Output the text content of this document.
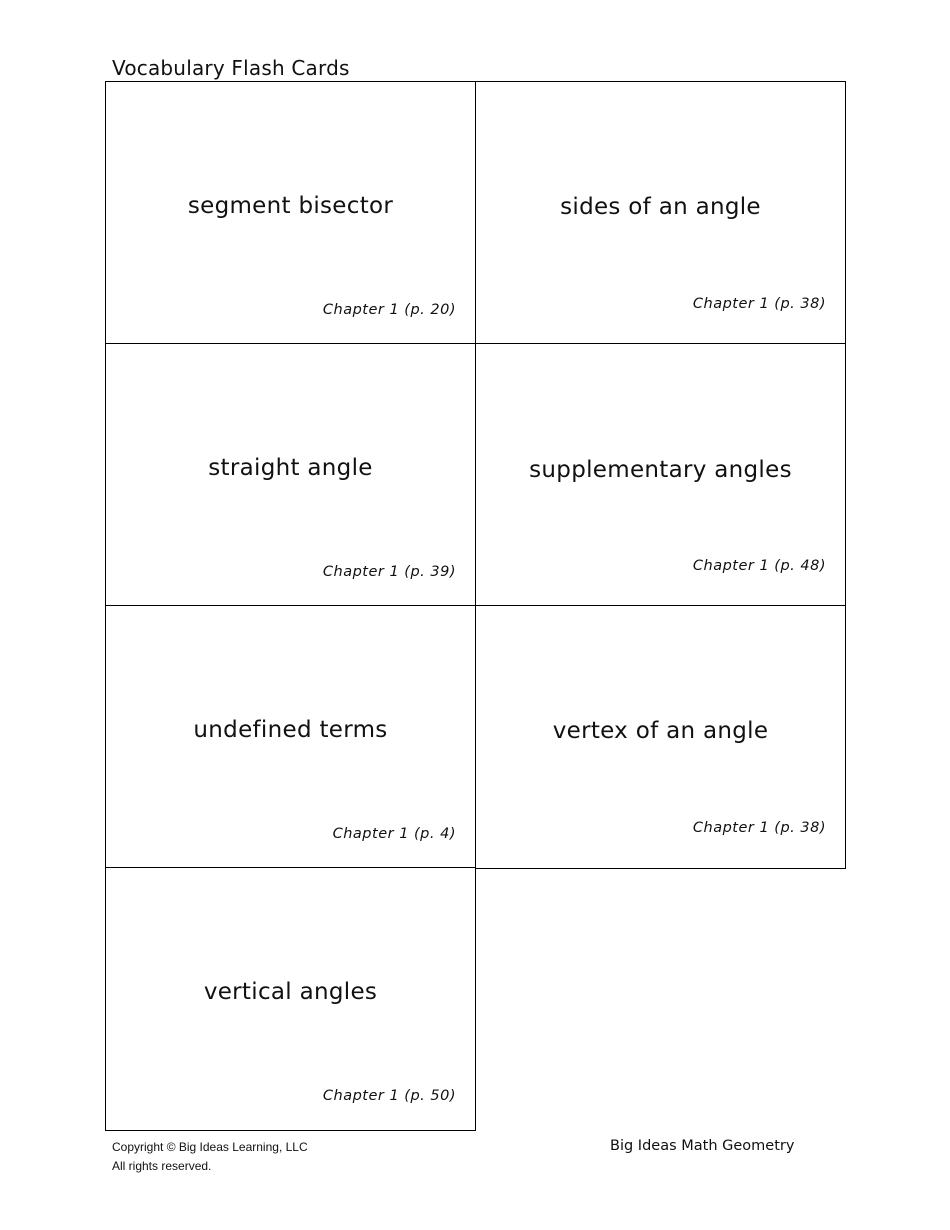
Vocabulary Flash Cards
segment bisector
Chapter 1 (p. 20)
sides of an angle
Chapter 1 (p. 38)
straight angle
Chapter 1 (p. 39)
supplementary angles
Chapter 1 (p. 48)
undefined terms
Chapter 1 (p. 4)
vertex of an angle
Chapter 1 (p. 38)
vertical angles
Chapter 1 (p. 50)
Copyright © Big Ideas Learning, LLC
All rights reserved.
Big Ideas Math Geometry
